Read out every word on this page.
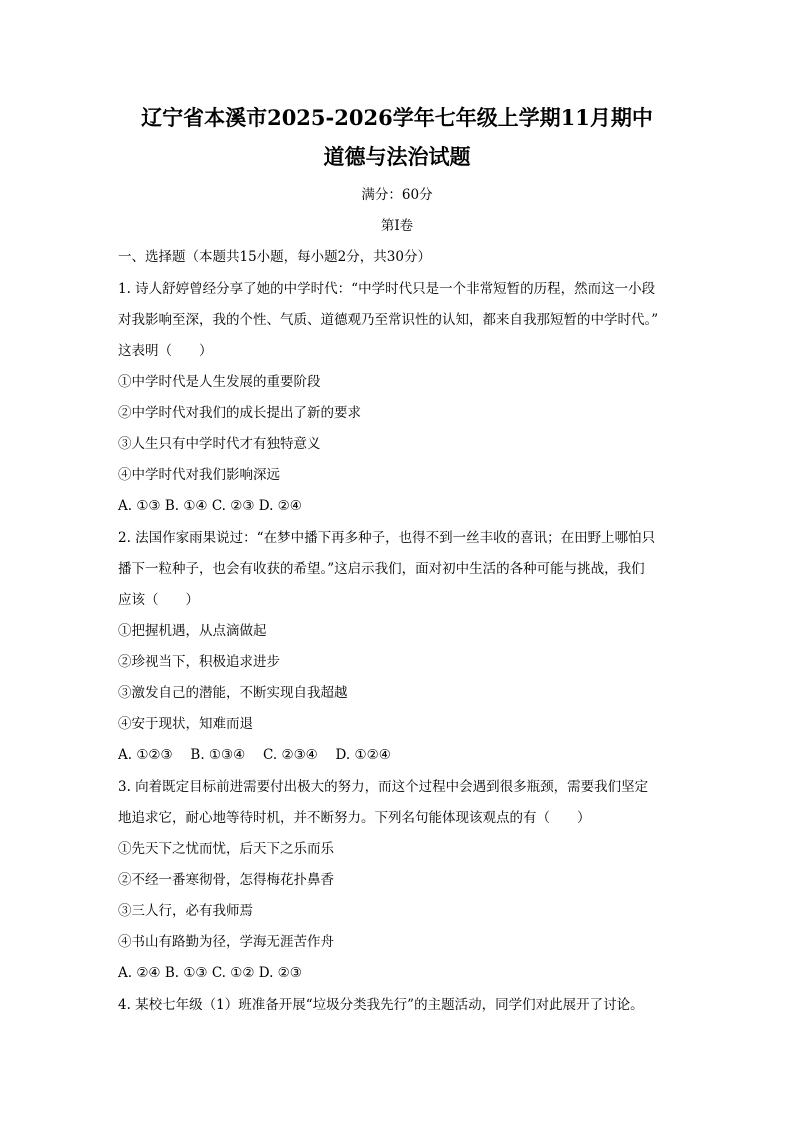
辽宁省本溪市2025-2026学年七年级上学期11月期中
道德与法治试题
满分：60分
第I卷
一、选择题（本题共15小题，每小题2分，共30分）
1. 诗人舒婷曾经分享了她的中学时代：“中学时代只是一个非常短暂的历程，然而这一小段
对我影响至深，我的个性、气质、道德观乃至常识性的认知，都来自我那短暂的中学时代。”
这表明（　　）
①中学时代是人生发展的重要阶段
②中学时代对我们的成长提出了新的要求
③人生只有中学时代才有独特意义
④中学时代对我们影响深远
A. ①③ B. ①④ C. ②③ D. ②④
2. 法国作家雨果说过：“在梦中播下再多种子，也得不到一丝丰收的喜讯；在田野上哪怕只
播下一粒种子，也会有收获的希望。”这启示我们，面对初中生活的各种可能与挑战，我们
应该（　　）
①把握机遇，从点滴做起
②珍视当下，积极追求进步
③激发自己的潜能，不断实现自我超越
④安于现状，知难而退
A. ①②③　 B. ①③④　 C. ②③④　 D. ①②④
3. 向着既定目标前进需要付出极大的努力，而这个过程中会遇到很多瓶颈，需要我们坚定
地追求它，耐心地等待时机，并不断努力。下列名句能体现该观点的有（　　）
①先天下之忧而忧，后天下之乐而乐
②不经一番寒彻骨，怎得梅花扑鼻香
③三人行，必有我师焉
④书山有路勤为径，学海无涯苦作舟
A. ②④ B. ①③ C. ①② D. ②③
4. 某校七年级（1）班准备开展“垃圾分类我先行”的主题活动，同学们对此展开了讨论。
